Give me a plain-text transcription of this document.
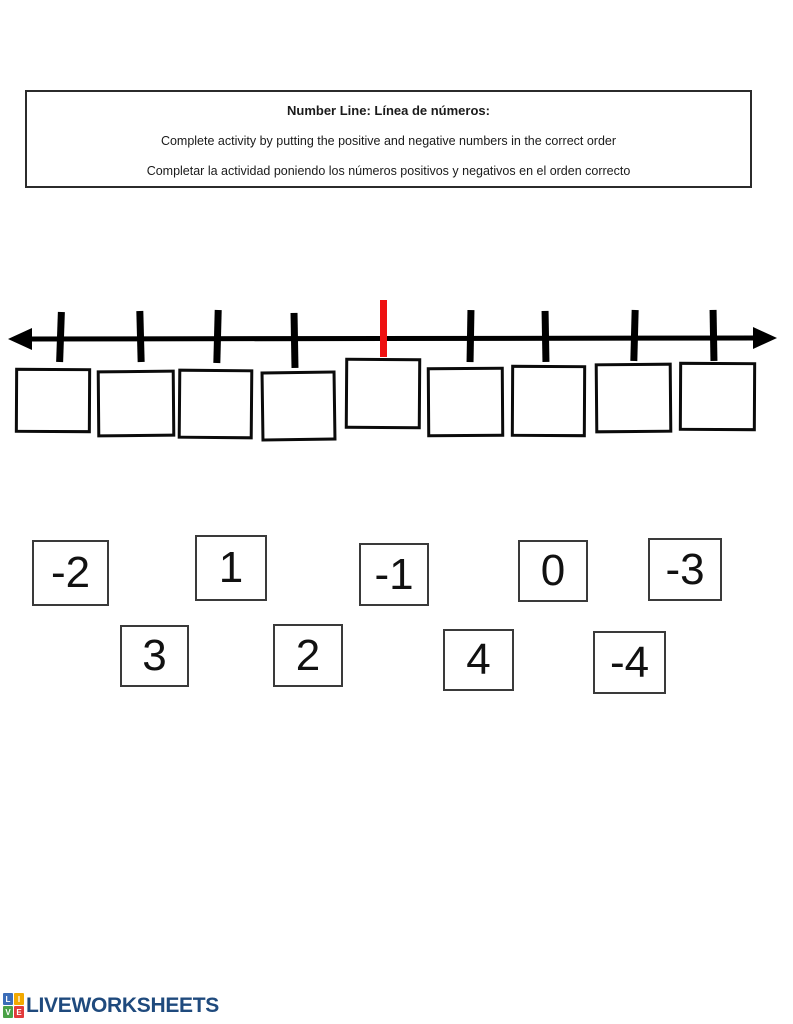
Number Line: Línea de números:
Complete activity by putting the positive and negative numbers in the correct order
Completar la actividad poniendo los números positivos y negativos en el orden correcto
-2	1	-1	0	-3
3	2	4	-4
L I
V E LIVEWORKSHEETS
